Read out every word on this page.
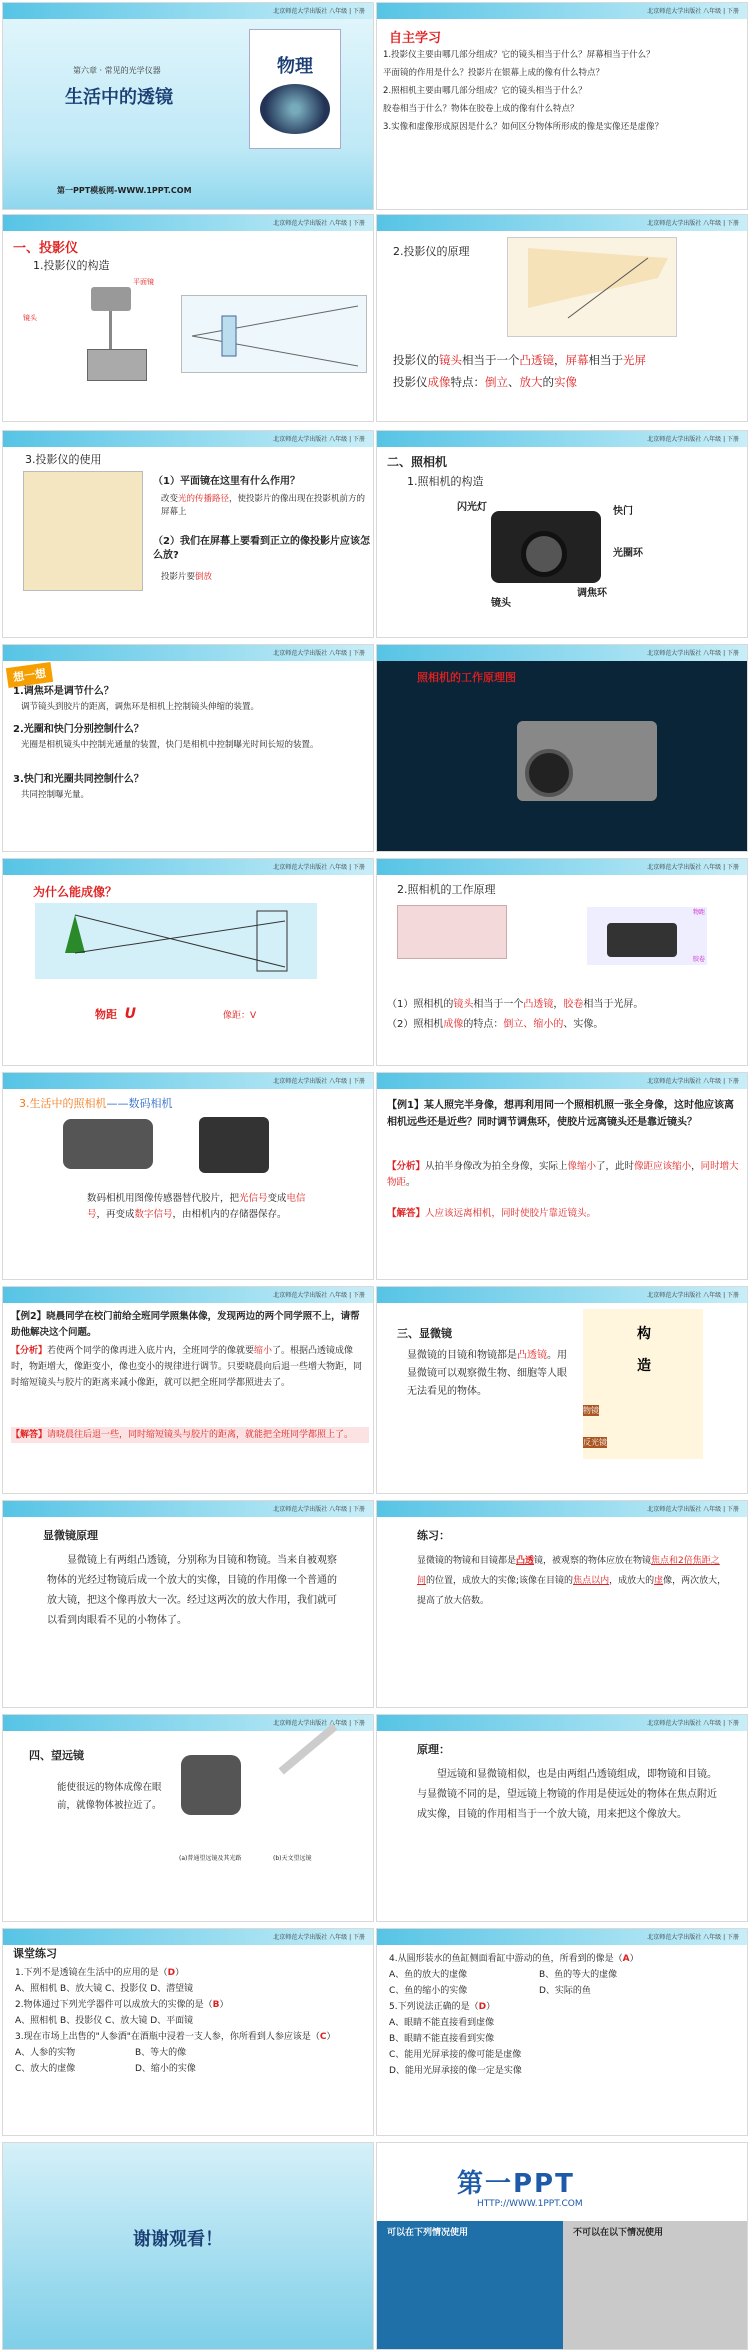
北京师范大学出版社 八年级 | 下册
第六章 · 常见的光学仪器
生活中的透镜
物理
第一PPT模板网-WWW.1PPT.COM
北京师范大学出版社 八年级 | 下册
自主学习
1.投影仪主要由哪几部分组成？它的镜头相当于什么？屏幕相当于什么？
平面镜的作用是什么？投影片在银幕上成的像有什么特点？
2.照相机主要由哪几部分组成？它的镜头相当于什么？
胶卷相当于什么？物体在胶卷上成的像有什么特点？
3.实像和虚像形成原因是什么？如何区分物体所形成的像是实像还是虚像？
北京师范大学出版社 八年级 | 下册
一、投影仪
1.投影仪的构造
平面镜
镜头
北京师范大学出版社 八年级 | 下册
2.投影仪的原理
投影仪的镜头相当于一个凸透镜，屏幕相当于光屏
投影仪成像特点：倒立、放大的实像
北京师范大学出版社 八年级 | 下册
3.投影仪的使用
（1）平面镜在这里有什么作用？
改变光的传播路径，使投影片的像出现在投影机前方的屏幕上
（2）我们在屏幕上要看到正立的像投影片应该怎么放?
投影片要倒放
北京师范大学出版社 八年级 | 下册
二、照相机
1.照相机的构造
闪光灯	快门
光圈环
调焦环
镜头
北京师范大学出版社 八年级 | 下册
想一想
1.调焦环是调节什么？
调节镜头到胶片的距离，调焦环是相机上控制镜头伸缩的装置。
2.光圈和快门分别控制什么？
光圈是相机镜头中控制光通量的装置，快门是相机中控制曝光时间长短的装置。
3.快门和光圈共同控制什么？
共同控制曝光量。
北京师范大学出版社 八年级 | 下册
照相机的工作原理图
北京师范大学出版社 八年级 | 下册
为什么能成像？
物距 U	像距：V
北京师范大学出版社 八年级 | 下册
2.照相机的工作原理
物距
胶卷
（1）照相机的镜头相当于一个凸透镜，胶卷相当于光屏。
（2）照相机成像的特点：倒立、缩小的、实像。
北京师范大学出版社 八年级 | 下册
3.生活中的照相机——数码相机
数码相机用图像传感器替代胶片，把光信号变成电信号，再变成数字信号，由相机内的存储器保存。
北京师范大学出版社 八年级 | 下册
【例1】某人照完半身像，想再利用同一个照相机照一张全身像，这时他应该离相机远些还是近些？同时调节调焦环，使胶片远离镜头还是靠近镜头？
【分析】从拍半身像改为拍全身像，实际上像缩小了，此时像距应该缩小，同时增大物距。
【解答】人应该远离相机，同时使胶片靠近镜头。
北京师范大学出版社 八年级 | 下册
【例2】晓晨同学在校门前给全班同学照集体像，发现两边的两个同学照不上，请帮助他解决这个问题。
【分析】若使两个同学的像再进入底片内，全班同学的像就要缩小了。根据凸透镜成像时，物距增大，像距变小，像也变小的规律进行调节。只要晓晨向后退一些增大物距，同时缩短镜头与胶片的距离来减小像距，就可以把全班同学都照进去了。
【解答】请晓晨往后退一些，同时缩短镜头与胶片的距离，就能把全班同学都照上了。
北京师范大学出版社 八年级 | 下册
三、显微镜
显微镜的目镜和物镜都是凸透镜。用显微镜可以观察微生物、细胞等人眼无法看见的物体。
构
造
物镜
反光镜
北京师范大学出版社 八年级 | 下册
显微镜原理
显微镜上有两组凸透镜，分别称为目镜和物镜。当来自被观察物体的光经过物镜后成一个放大的实像，目镜的作用像一个普通的放大镜，把这个像再放大一次。经过这两次的放大作用，我们就可以看到肉眼看不见的小物体了。
北京师范大学出版社 八年级 | 下册
练习：
显微镜的物镜和目镜都是凸透镜，被观察的物体应放在物镜焦点和2倍焦距之间的位置，成放大的实像;该像在目镜的焦点以内，成放大的虚像，两次放大，提高了放大倍数。
北京师范大学出版社 八年级 | 下册
四、望远镜
能使很远的物体成像在眼前，就像物体被拉近了。
(a)普通望远镜及其光路	(b)天文望远镜
北京师范大学出版社 八年级 | 下册
原理：
望远镜和显微镜相似，也是由两组凸透镜组成，即物镜和目镜。与显微镜不同的是，望远镜上物镜的作用是使远处的物体在焦点附近成实像，目镜的作用相当于一个放大镜，用来把这个像放大。
北京师范大学出版社 八年级 | 下册
课堂练习
1.下列不是透镜在生活中的应用的是（D）
A、照相机 B、放大镜 C、投影仪 D、潜望镜
2.物体通过下列光学器件可以成放大的实像的是（B）
A、照相机 B、投影仪 C、放大镜 D、平面镜
3.现在市场上出售的"人参酒"在酒瓶中浸着一支人参，你所看到人参应该是（C）
A、人参的实物	B、等大的像
C、放大的虚像	D、缩小的实像
北京师范大学出版社 八年级 | 下册
4.从圆形装水的鱼缸侧面看缸中游动的鱼，所看到的像是（A）
A、鱼的放大的虚像	B、鱼的等大的虚像
C、鱼的缩小的实像	D、实际的鱼
5.下列说法正确的是（D）
A、眼睛不能直接看到虚像
B、眼睛不能直接看到实像
C、能用光屏承接的像可能是虚像
D、能用光屏承接的像一定是实像
谢谢观看！
第一PPT
HTTP://WWW.1PPT.COM
可以在下列情况使用	不可以在以下情况使用
